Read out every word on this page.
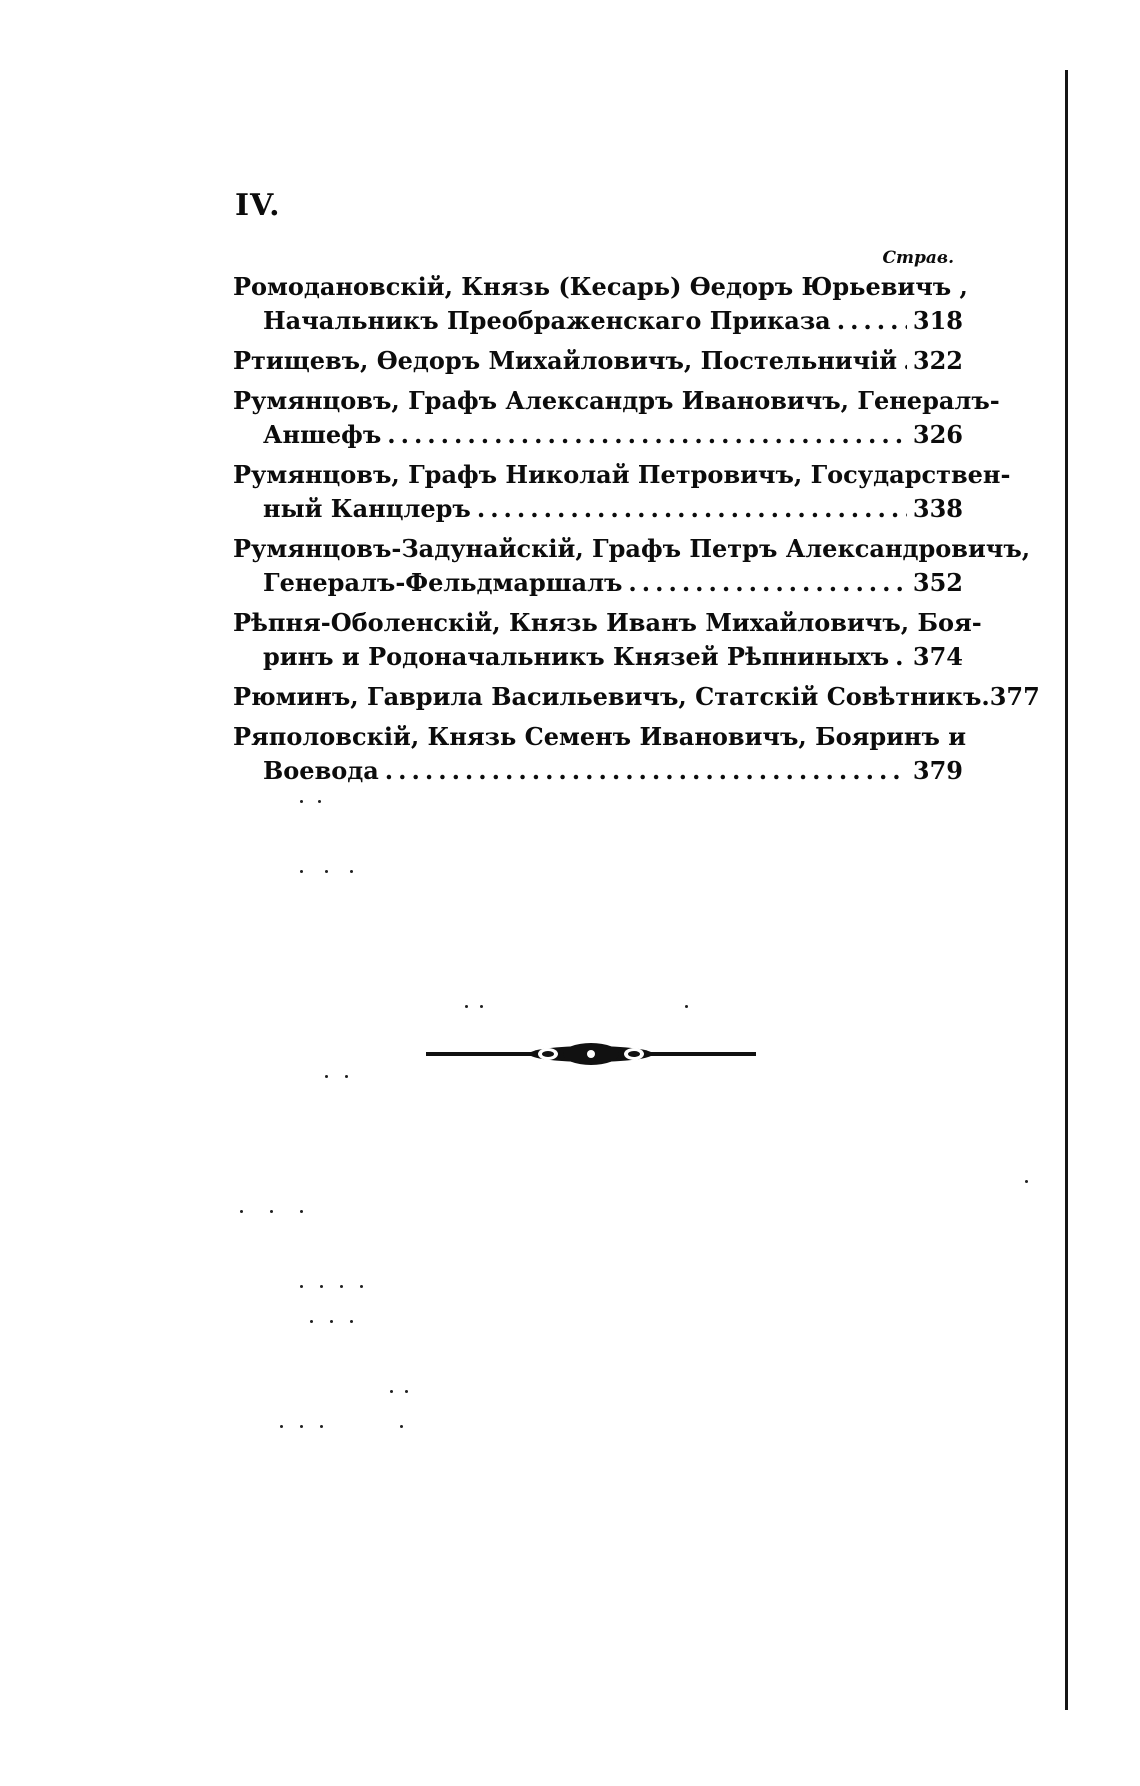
IV.
Страв.
Ромодановскій, Князь (Кесарь) Ѳедоръ Юрьевичъ ,
Начальникъ Преображенскаго Приказа .....	318
Ртищевъ, Ѳедоръ Михайловичъ, Постельничій ..... 322
Румянцовъ, Графъ Александръ Ивановичъ, Генералъ-
Аншефъ .....	326
Румянцовъ, Графъ Николай Петровичъ, Государствен-
ный Канцлеръ .....	338
Румянцовъ-Задунайскій, Графъ Петръ Александровичъ,
Генералъ-Фельдмаршалъ .....	352
Рѣпня-Оболенскій, Князь Иванъ Михайловичъ, Боя-
ринъ и Родоначальникъ Князей Рѣпниныхъ ..... 374
Рюминъ, Гаврила Васильевичъ, Статскій Совѣтникъ. 377
Ряполовскій, Князь Семенъ Ивановичъ, Бояринъ и
Воевода .....	379
